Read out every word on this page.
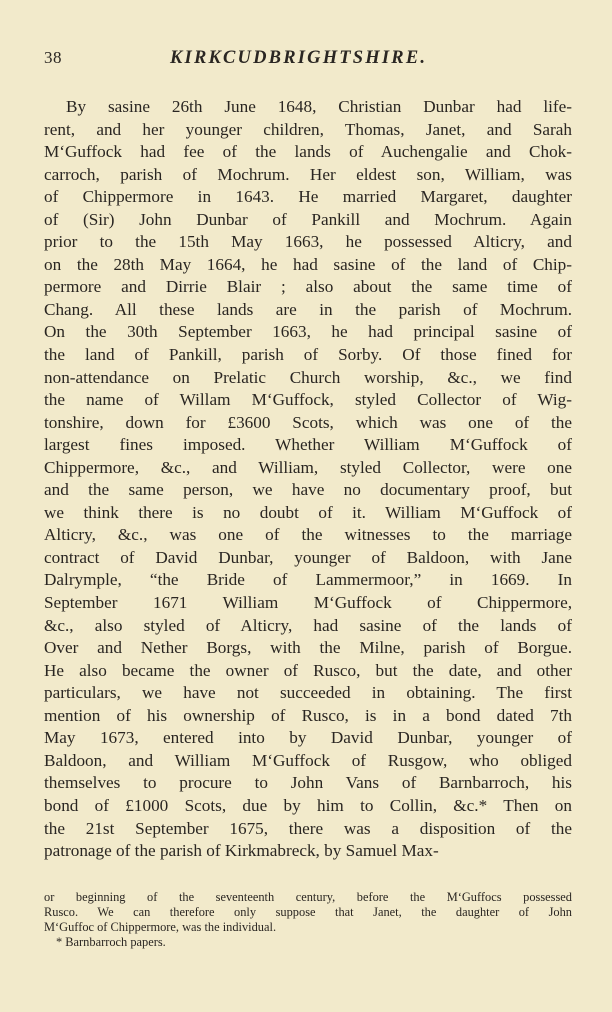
38	KIRKCUDBRIGHTSHIRE.
By sasine 26th June 1648, Christian Dunbar had life-
rent, and her younger children, Thomas, Janet, and Sarah
M‘Guffock had fee of the lands of Auchengalie and Chok-
carroch, parish of Mochrum. Her eldest son, William, was
of Chippermore in 1643. He married Margaret, daughter
of (Sir) John Dunbar of Pankill and Mochrum. Again
prior to the 15th May 1663, he possessed Alticry, and
on the 28th May 1664, he had sasine of the land of Chip-
permore and Dirrie Blair ; also about the same time of
Chang. All these lands are in the parish of Mochrum.
On the 30th September 1663, he had principal sasine of
the land of Pankill, parish of Sorby. Of those fined for
non-attendance on Prelatic Church worship, &c., we find
the name of Willam M‘Guffock, styled Collector of Wig-
tonshire, down for £3600 Scots, which was one of the
largest fines imposed. Whether William M‘Guffock of
Chippermore, &c., and William, styled Collector, were one
and the same person, we have no documentary proof, but
we think there is no doubt of it. William M‘Guffock of
Alticry, &c., was one of the witnesses to the marriage
contract of David Dunbar, younger of Baldoon, with Jane
Dalrymple, “the Bride of Lammermoor,” in 1669. In
September 1671 William M‘Guffock of Chippermore,
&c., also styled of Alticry, had sasine of the lands of
Over and Nether Borgs, with the Milne, parish of Borgue.
He also became the owner of Rusco, but the date, and other
particulars, we have not succeeded in obtaining. The first
mention of his ownership of Rusco, is in a bond dated 7th
May 1673, entered into by David Dunbar, younger of
Baldoon, and William M‘Guffock of Rusgow, who obliged
themselves to procure to John Vans of Barnbarroch, his
bond of £1000 Scots, due by him to Collin, &c.* Then on
the 21st September 1675, there was a disposition of the
patronage of the parish of Kirkmabreck, by Samuel Max-
or beginning of the seventeenth century, before the M‘Guffocs possessed
Rusco. We can therefore only suppose that Janet, the daughter of John
M‘Guffoc of Chippermore, was the individual.
* Barnbarroch papers.
